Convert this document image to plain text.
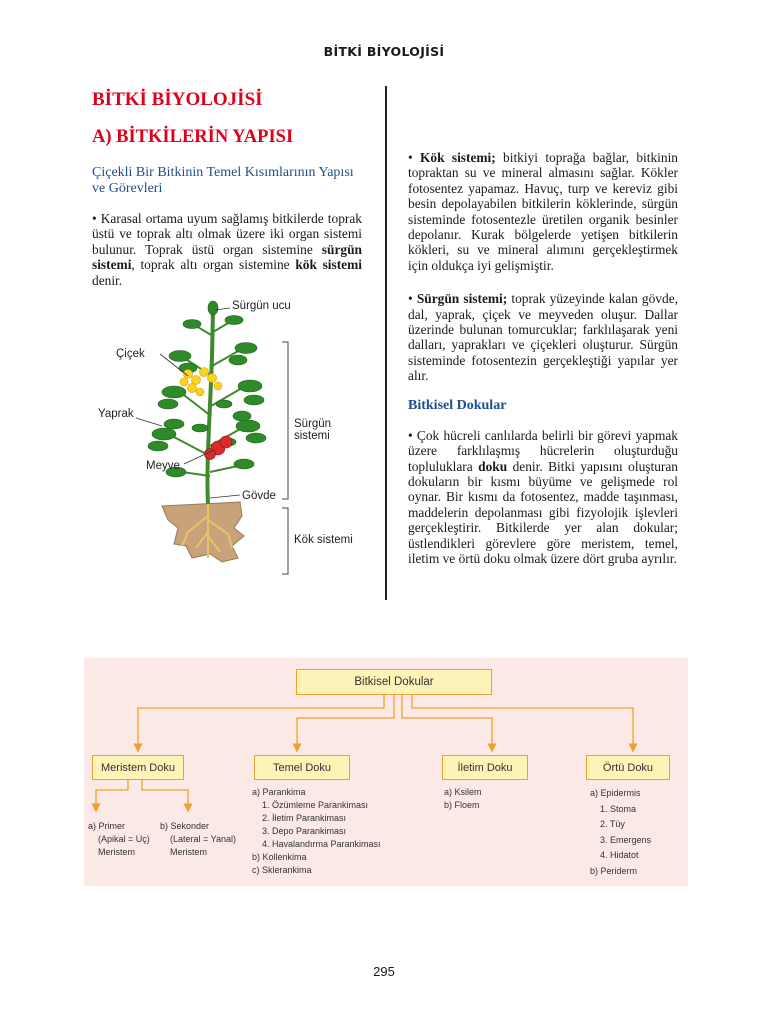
BİTKİ BİYOLOJİSİ
BİTKİ BİYOLOJİSİ
A) BİTKİLERİN YAPISI
Çiçekli Bir Bitkinin Temel Kısımlarının Yapısı ve Görevleri

• Karasal ortama uyum sağlamış bitkilerde toprak üstü ve toprak altı olmak üzere iki organ sistemi bulunur. Toprak üstü organ sistemine sürgün sistemi, toprak altı organ sistemine kök sistemi denir.

Sürgün ucu
Çiçek
Yaprak
Meyve
Gövde
Sürgün sistemi
Kök sistemi

• Kök sistemi; bitkiyi toprağa bağlar, bitkinin topraktan su ve mineral almasını sağlar. Kökler fotosentez yapamaz. Havuç, turp ve kereviz gibi besin depolayabilen bitkilerin köklerinde, sürgün sisteminde fotosentezle üretilen organik besinler depolanır. Kurak bölgelerde yetişen bitkilerin kökleri, su ve mineral alımını gerçekleştirmek için oldukça iyi gelişmiştir.

• Sürgün sistemi; toprak yüzeyinde kalan gövde, dal, yaprak, çiçek ve meyveden oluşur. Dallar üzerinde bulunan tomurcuklar; farklılaşarak yeni dalları, yaprakları ve çiçekleri oluşturur. Sürgün sisteminde fotosentezin gerçekleştiği yapılar yer alır.

Bitkisel Dokular

• Çok hücreli canlılarda belirli bir görevi yapmak üzere farklılaşmış hücrelerin oluşturduğu topluluklara doku denir. Bitki yapısını oluşturan dokuların bir kısmı büyüme ve gelişmede rol oynar. Bir kısmı da fotosentez, madde taşınması, maddelerin depolanması gibi fizyolojik işlevleri gerçekleştirir. Bitkilerde yer alan dokular; üstlendikleri görevlere göre meristem, temel, iletim ve örtü doku olmak üzere dört gruba ayrılır.

Bitkisel Dokular
Meristem Doku	Temel Doku	İletim Doku	Örtü Doku
a) Primer
(Apikal = Uç)
Meristem
b) Sekonder
(Lateral = Yanal)
Meristem
a) Parankima
1. Özümleme Parankiması
2. İletim Parankiması
3. Depo Parankiması
4. Havalandırma Parankiması
b) Kollenkima
c) Sklerankima
a) Ksilem
b) Floem
a) Epidermis
1. Stoma
2. Tüy
3. Emergens
4. Hidatot
b) Periderm
295
